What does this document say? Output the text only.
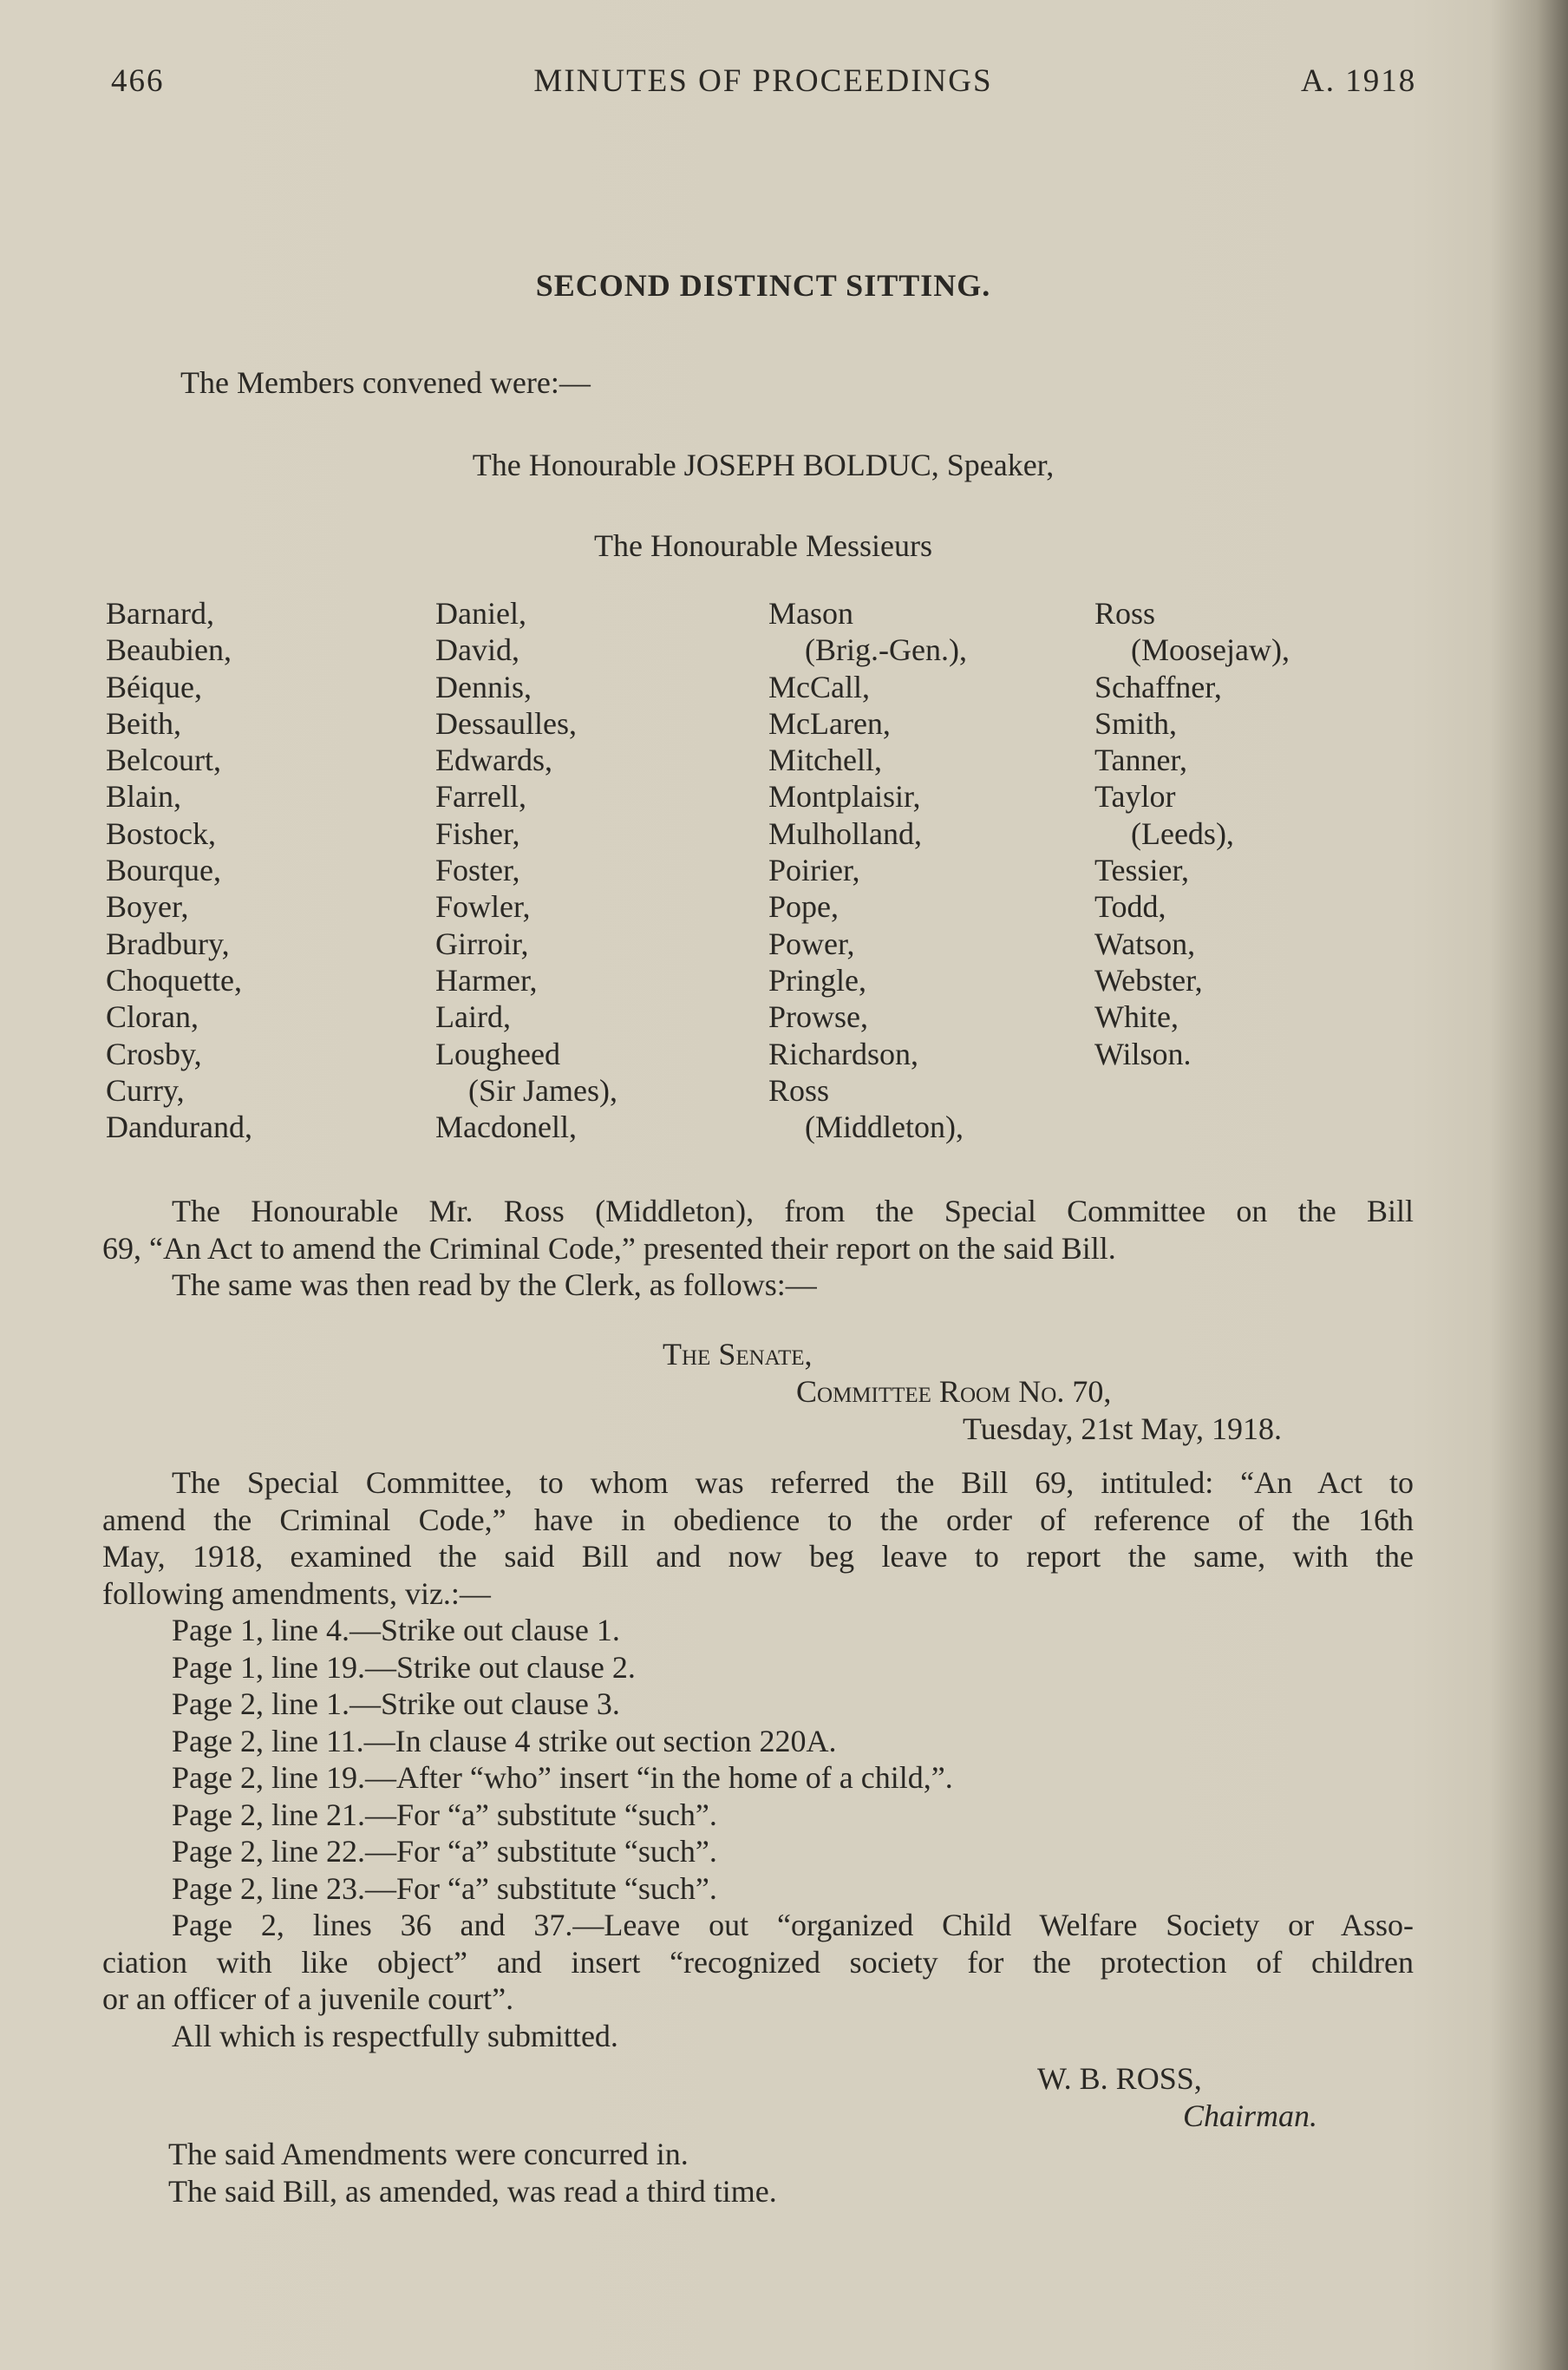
466	MINUTES OF PROCEEDINGS	A. 1918
SECOND DISTINCT SITTING.
The Members convened were:—
The Honourable JOSEPH BOLDUC, Speaker,
The Honourable Messieurs
Barnard,
Beaubien,
Béique,
Beith,
Belcourt,
Blain,
Bostock,
Bourque,
Boyer,
Bradbury,
Choquette,
Cloran,
Crosby,
Curry,
Dandurand,
Daniel,
David,
Dennis,
Dessaulles,
Edwards,
Farrell,
Fisher,
Foster,
Fowler,
Girroir,
Harmer,
Laird,
Lougheed
(Sir James),
Macdonell,
Mason
(Brig.-Gen.),
McCall,
McLaren,
Mitchell,
Montplaisir,
Mulholland,
Poirier,
Pope,
Power,
Pringle,
Prowse,
Richardson,
Ross
(Middleton),
Ross
(Moosejaw),
Schaffner,
Smith,
Tanner,
Taylor
(Leeds),
Tessier,
Todd,
Watson,
Webster,
White,
Wilson.
The Honourable Mr. Ross (Middleton), from the Special Committee on the Bill
69, “An Act to amend the Criminal Code,” presented their report on the said Bill.
The same was then read by the Clerk, as follows:—
The Senate,
Committee Room No. 70,
Tuesday, 21st May, 1918.
The Special Committee, to whom was referred the Bill 69, intituled: “An Act to
amend the Criminal Code,” have in obedience to the order of reference of the 16th
May, 1918, examined the said Bill and now beg leave to report the same, with the
following amendments, viz.:—
Page 1, line 4.—Strike out clause 1.
Page 1, line 19.—Strike out clause 2.
Page 2, line 1.—Strike out clause 3.
Page 2, line 11.—In clause 4 strike out section 220A.
Page 2, line 19.—After “who” insert “in the home of a child,”.
Page 2, line 21.—For “a” substitute “such”.
Page 2, line 22.—For “a” substitute “such”.
Page 2, line 23.—For “a” substitute “such”.
Page 2, lines 36 and 37.—Leave out “organized Child Welfare Society or Asso-
ciation with like object” and insert “recognized society for the protection of children
or an officer of a juvenile court”.
All which is respectfully submitted.
W. B. ROSS,
Chairman.
The said Amendments were concurred in.
The said Bill, as amended, was read a third time.
